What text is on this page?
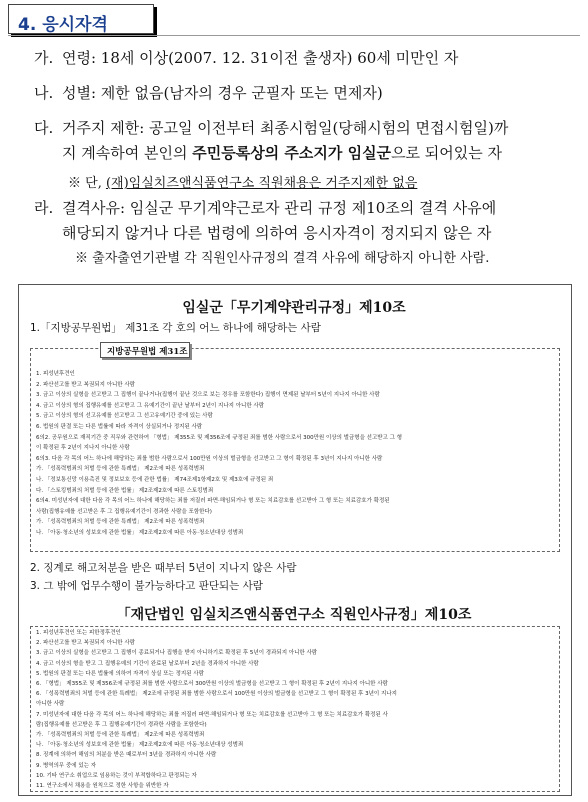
4. 응시자격
가. 연령: 18세 이상(2007. 12. 31이전 출생자) 60세 미만인 자
나. 성별: 제한 없음(남자의 경우 군필자 또는 면제자)
다. 거주지 제한: 공고일 이전부터 최종시험일(당해시험의 면접시험일)까
지 계속하여 본인의 주민등록상의 주소지가 임실군으로 되어있는 자
※ 단, (재)임실치즈앤식품연구소 직원채용은 거주지제한 없음
라. 결격사유: 임실군 무기계약근로자 관리 규정 제10조의 결격 사유에
해당되지 않거나 다른 법령에 의하여 응시자격이 정지되지 않은 자
※ 출자출연기관별 각 직원인사규정의 결격 사유에 해당하지 아니한 사람.
임실군「무기계약관리규정」제10조
1.「지방공무원법」 제31조 각 호의 어느 하나에 해당하는 사람
지방공무원법 제31조
1. 피성년후견인
2. 파산선고를 받고 복권되지 아니한 사람
3. 금고 이상의 실형을 선고받고 그 집행이 끝나거나(집행이 끝난 것으로 보는 경우를 포함한다) 집행이 면제된 날부터 5년이 지나지 아니한 사람
4. 금고 이상의 형의 집행유예를 선고받고 그 유예기간이 끝난 날부터 2년이 지나지 아니한 사람
5. 금고 이상의 형의 선고유예를 선고받고 그 선고유예기간 중에 있는 사람
6. 법원의 판결 또는 다른 법률에 따라 자격이 상실되거나 정지된 사람
6의2. 공무원으로 재직기간 중 직무와 관련하여 「형법」 제355조 및 제356조에 규정된 죄를 범한 사람으로서 300만원 이상의 벌금형을 선고받고 그 형
이 확정된 후 2년이 지나지 아니한 사람
6의3. 다음 각 목의 어느 하나에 해당하는 죄를 범한 사람으로서 100만원 이상의 벌금형을 선고받고 그 형이 확정된 후 3년이 지나지 아니한 사람
가. 「성폭력범죄의 처벌 등에 관한 특례법」 제2조에 따른 성폭력범죄
나. 「정보통신망 이용촉진 및 정보보호 등에 관한 법률」 제74조제1항제2호 및 제3호에 규정된 죄
다. 「스토킹범죄의 처벌 등에 관한 법률」 제2조제2호에 따른 스토킹범죄
6의4. 미성년자에 대한 다음 각 목의 어느 하나에 해당하는 죄를 저질러 파면·해임되거나 형 또는 치료감호를 선고받아 그 형 또는 치료감호가 확정된
사람(집행유예를 선고받은 후 그 집행유예기간이 경과한 사람을 포함한다)
가. 「성폭력범죄의 처벌 등에 관한 특례법」 제2조에 따른 성폭력범죄
나. 「아동·청소년의 성보호에 관한 법률」 제2조제2호에 따른 아동·청소년대상 성범죄
2. 징계로 해고처분을 받은 때부터 5년이 지나지 않은 사람
3. 그 밖에 업무수행이 불가능하다고 판단되는 사람
「재단법인 임실치즈앤식품연구소 직원인사규정」제10조
1. 피성년후견인 또는 피한정후견인
2. 파산선고를 받고 복권되지 아니한 사람
3. 금고 이상의 실형을 선고받고 그 집행이 종료되거나 집행을 받지 아니하기로 확정된 후 5년이 경과되지 아니한 사람
4. 금고 이상의 형을 받고 그 집행유예의 기간이 완료된 날로부터 2년을 경과하지 아니한 사람
5. 법원의 판결 또는 다른 법률에 의하여 자격이 상실 또는 정지된 사람
6. 「형법」 제355조 및 제356조에 규정된 죄를 범한 사람으로서 300만원 이상의 벌금형을 선고받고 그 형이 확정된 후 2년이 지나지 아니한 사람
6. 「성폭력범죄의 처벌 등에 관한 특례법」 제2조에 규정된 죄를 범한 사람으로서 100만원 이상의 벌금형을 선고받고 그 형이 확정된 후 3년이 지나지
아니한 사람
7. 미성년자에 대한 다음 각 목의 어느 하나에 해당하는 죄를 저질러 파면·해임되거나 형 또는 치료감호를 선고받아 그 형 또는 치료감호가 확정된 사
람(집행유예를 선고받은 후 그 집행유예기간이 경과한 사람을 포함한다)
가. 「성폭력범죄의 처벌 등에 관한 특례법」 제2조에 따른 성폭력범죄
나. 「아동·청소년의 성보호에 관한 법률」 제2조제2호에 따른 아동·청소년대상 성범죄
8. 징계에 의하여 해임의 처분을 받은 때로부터 3년을 경과하지 아니한 사람
9. 병역의무 중에 있는 자
10. 기타 연구소 취업으로 임용하는 것이 부적합하다고 판정되는 자
11. 연구소에서 채용을 원칙으로 정한 사항을 위반한 자
